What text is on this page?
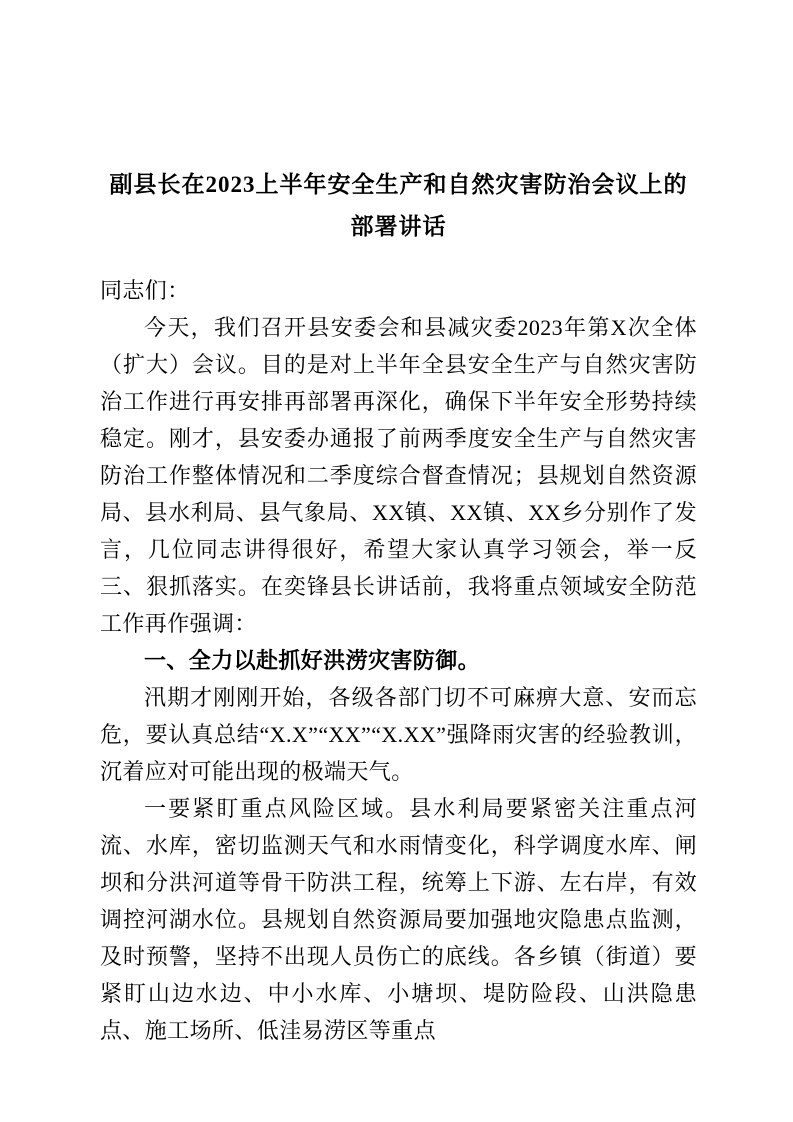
副县长在2023上半年安全生产和自然灾害防治会议上的部署讲话

同志们：

今天，我们召开县安委会和县减灾委2023年第X次全体（扩大）会议。目的是对上半年全县安全生产与自然灾害防治工作进行再安排再部署再深化，确保下半年安全形势持续稳定。刚才，县安委办通报了前两季度安全生产与自然灾害防治工作整体情况和二季度综合督查情况；县规划自然资源局、县水利局、县气象局、XX镇、XX镇、XX乡分别作了发言，几位同志讲得很好，希望大家认真学习领会，举一反三、狠抓落实。在奕锋县长讲话前，我将重点领域安全防范工作再作强调：

一、全力以赴抓好洪涝灾害防御。

汛期才刚刚开始，各级各部门切不可麻痹大意、安而忘危，要认真总结“X.X”“XX”“X.XX”强降雨灾害的经验教训，沉着应对可能出现的极端天气。

一要紧盯重点风险区域。县水利局要紧密关注重点河流、水库，密切监测天气和水雨情变化，科学调度水库、闸坝和分洪河道等骨干防洪工程，统筹上下游、左右岸，有效调控河湖水位。县规划自然资源局要加强地灾隐患点监测，及时预警，坚持不出现人员伤亡的底线。各乡镇（街道）要紧盯山边水边、中小水库、小塘坝、堤防险段、山洪隐患点、施工场所、低洼易涝区等重点
